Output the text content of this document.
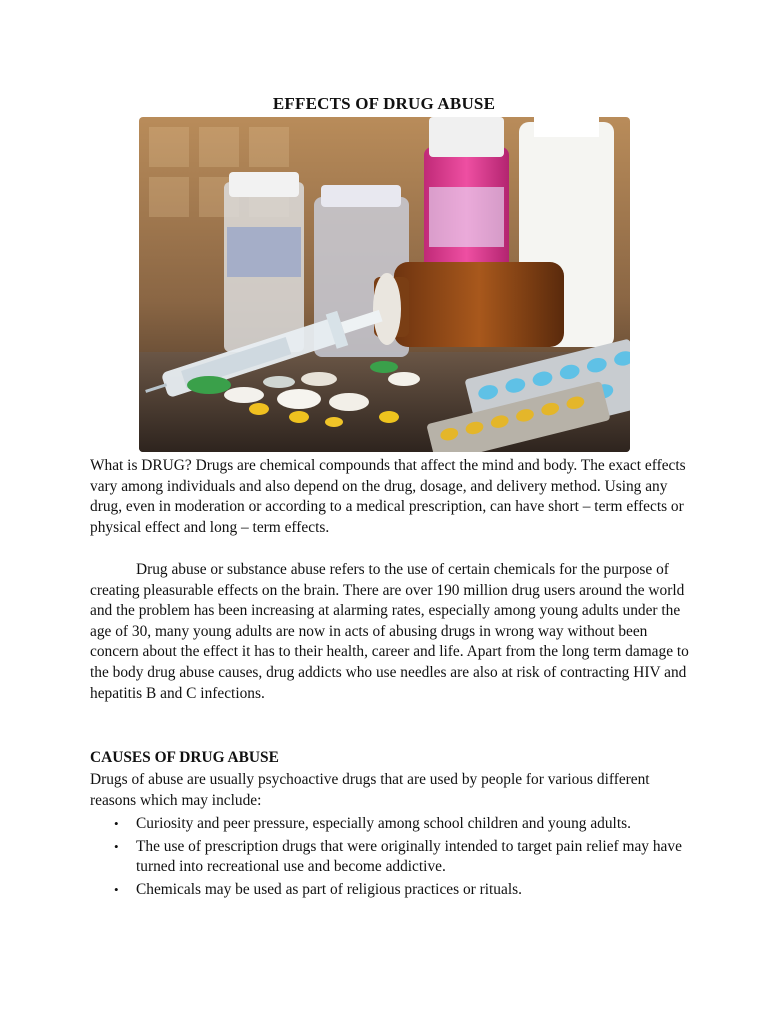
EFFECTS OF DRUG ABUSE
What is DRUG? Drugs are chemical compounds that affect the mind and body. The exact effects vary among individuals and also depend on the drug, dosage, and delivery method. Using any drug, even in moderation or according to a medical prescription, can have short – term effects or physical effect and long – term effects.
Drug abuse or substance abuse refers to the use of certain chemicals for the purpose of creating pleasurable effects on the brain. There are over 190 million drug users around the world and the problem has been increasing at alarming rates, especially among young adults under the age of 30, many young adults are now in acts of abusing drugs in wrong way without been concern about the effect it has to their health, career and life. Apart from the long term damage to the body drug abuse causes, drug addicts who use needles are also at risk of contracting HIV and hepatitis B and C infections.
CAUSES OF DRUG ABUSE
Drugs of abuse are usually psychoactive drugs that are used by people for various different reasons which may include:
• Curiosity and peer pressure, especially among school children and young adults.
• The use of prescription drugs that were originally intended to target pain relief may have turned into recreational use and become addictive.
• Chemicals may be used as part of religious practices or rituals.
